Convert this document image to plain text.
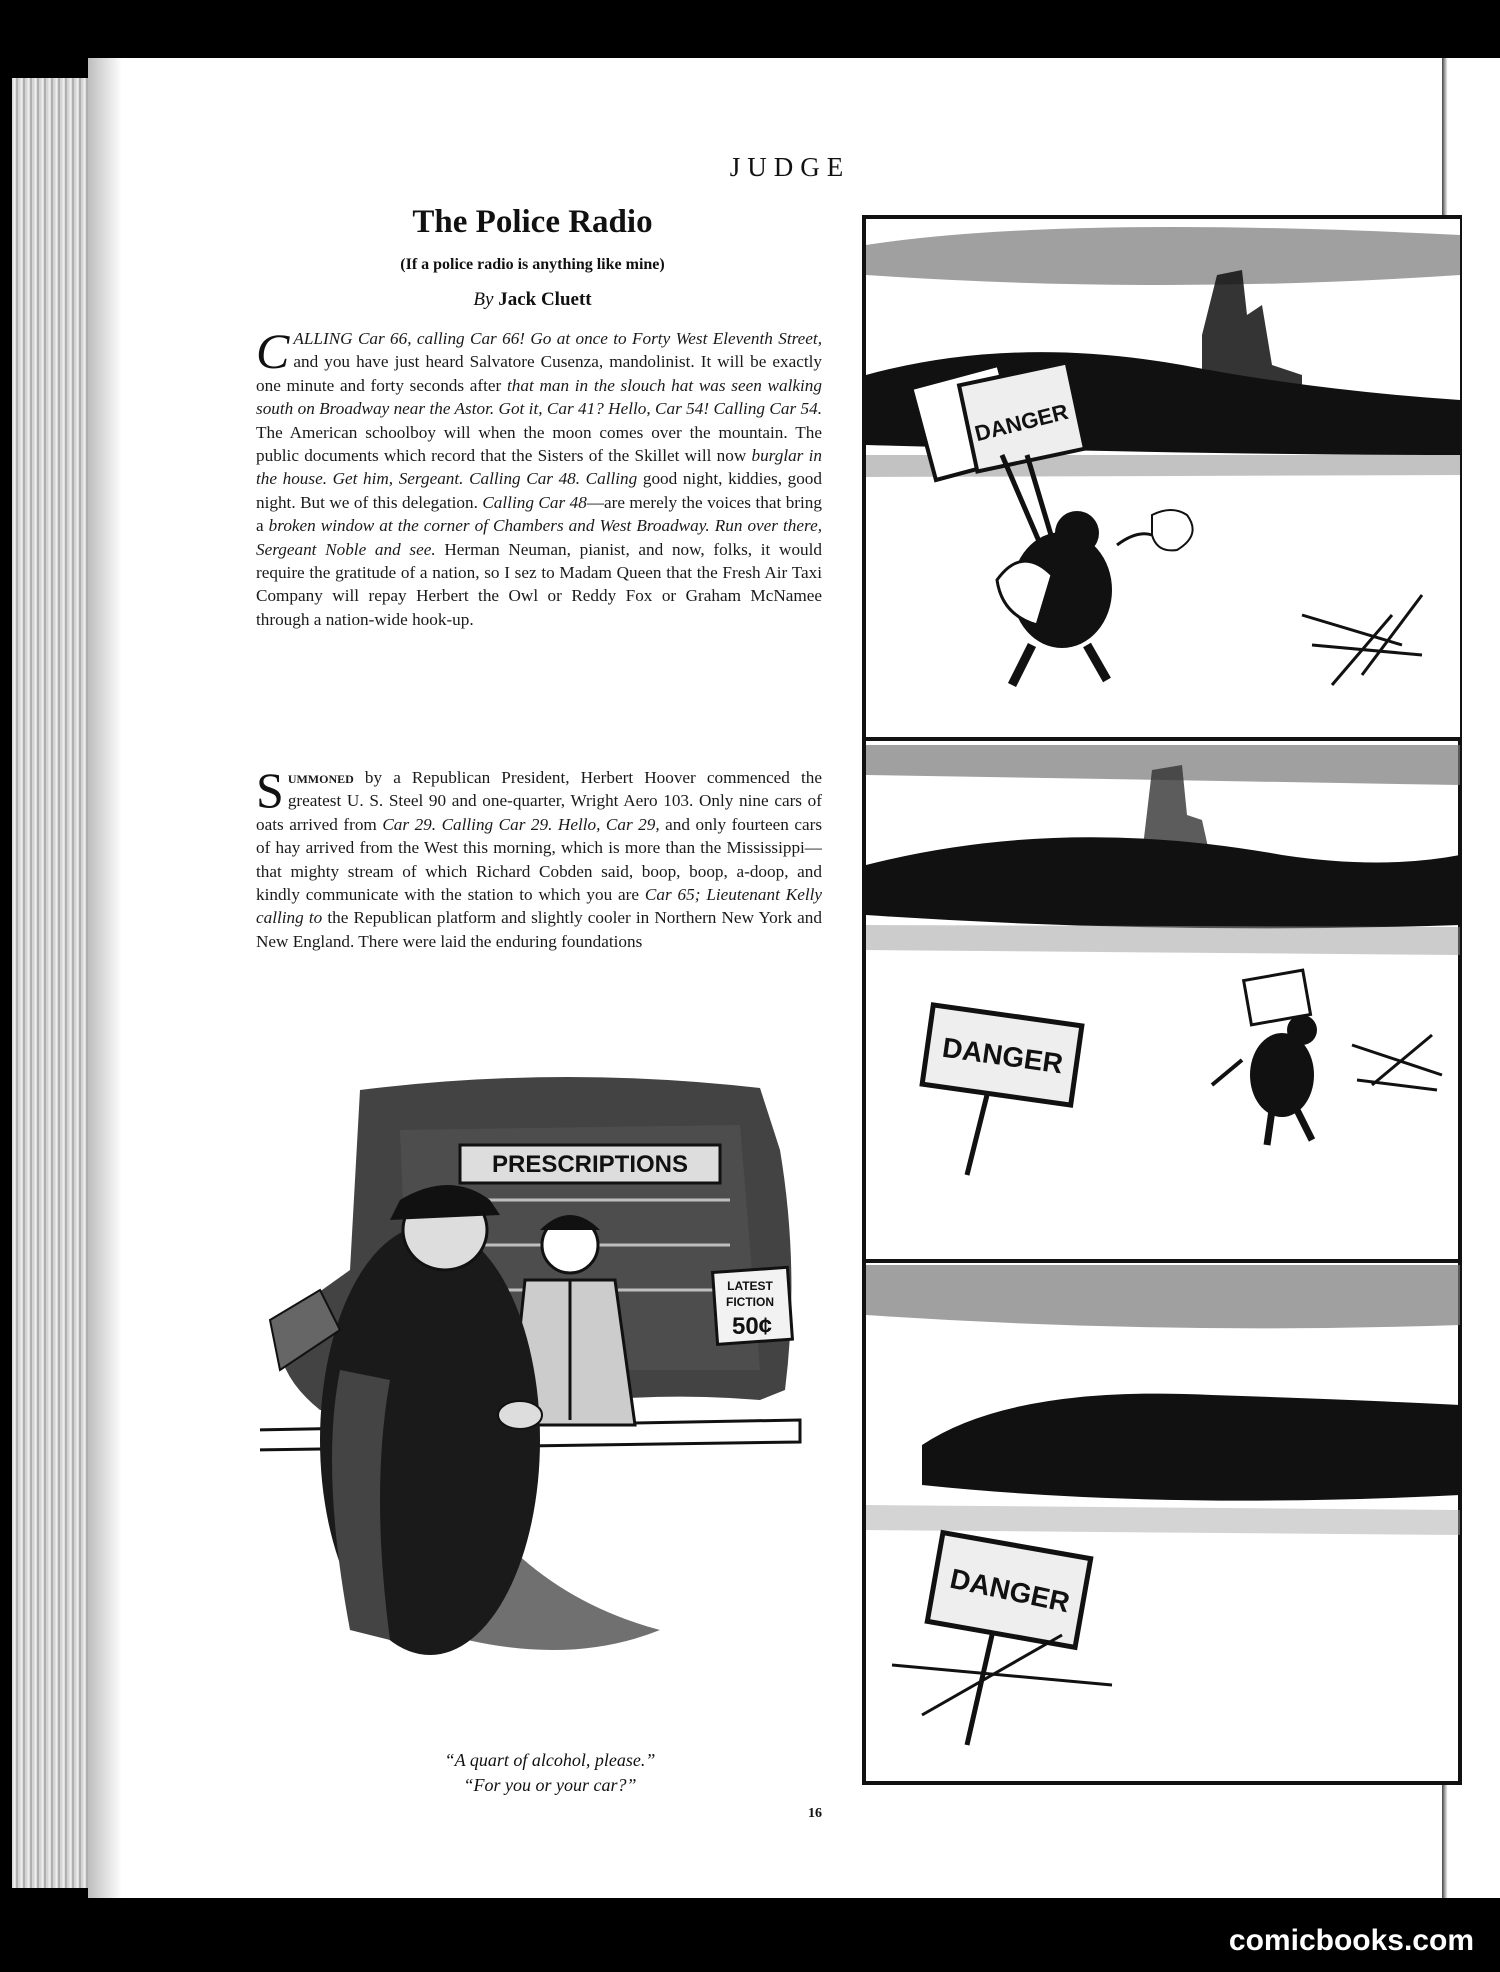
JUDGE
The Police Radio
(If a police radio is anything like mine)
By Jack Cluett

CALLING Car 66, calling Car 66! Go at once to Forty West Eleventh Street, and you have just heard Salvatore Cusenza, mandolinist. It will be exactly one minute and forty seconds after that man in the slouch hat was seen walking south on Broadway near the Astor. Got it, Car 41? Hello, Car 54! Calling Car 54. The American schoolboy will when the moon comes over the mountain. The public documents which record that the Sisters of the Skillet will now burglar in the house. Get him, Sergeant. Calling Car 48. Calling good night, kiddies, good night. But we of this delegation. Calling Car 48—are merely the voices that bring a broken window at the corner of Chambers and West Broadway. Run over there, Sergeant Noble and see. Herman Neuman, pianist, and now, folks, it would require the gratitude of a nation, so I sez to Madam Queen that the Fresh Air Taxi Company will repay Herbert the Owl or Reddy Fox or Graham McNamee through a nation-wide hook-up.

Summoned by a Republican President, Herbert Hoover commenced the greatest U. S. Steel 90 and one-quarter, Wright Aero 103. Only nine cars of oats arrived from Car 29. Calling Car 29. Hello, Car 29, and only fourteen cars of hay arrived from the West this morning, which is more than the Mississippi—that mighty stream of which Richard Cobden said, boop, boop, a-doop, and kindly communicate with the station to which you are Car 65; Lieutenant Kelly calling to the Republican platform and slightly cooler in Northern New York and New England. There were laid the enduring foundations

PRESCRIPTIONS
LATEST
FICTION
50¢
“A quart of alcohol, please.”
“For you or your car?”
16
DANGER
DANGER
DANGER
comicbooks.com
